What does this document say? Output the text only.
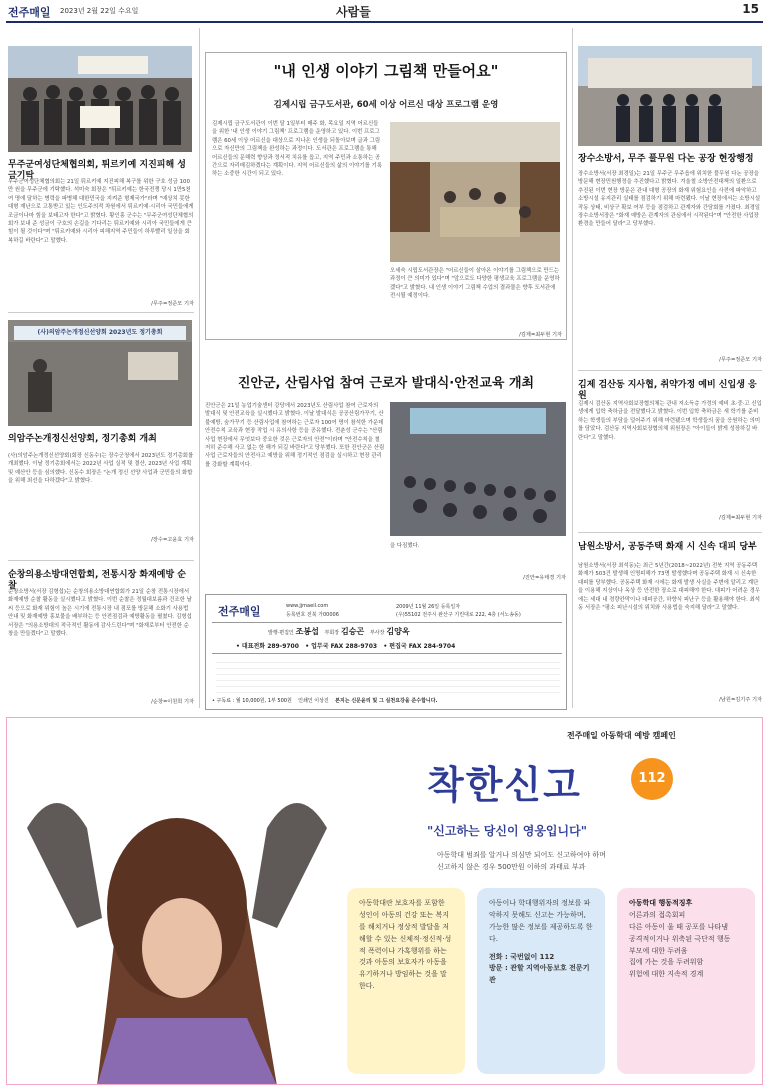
전주매일 2023년 2월 22일 수요일	사람들	15
무주군여성단체협의회, 튀르키예 지진피해 성금기탁
무주군여성단체협의회는 21일 튀르키예 지진피해 복구를 위한 구호 성금 100만 원을 무주군에 기탁했다. 석미숙 회장은 "튀르키예는 한국전쟁 당시 1만5천여 명에 달하는 병력을 파병해 대한민국을 지켜준 형제국가"라며 "예상치 못한 대형 재난으로 고통받고 있는 인도주의적 차원에서 튀르키예·시리아 국민들에게 조금이나마 힘을 보태고자 한다"고 밝혔다. 황인홍 군수는 "무주군여성단체협의회가 보내 준 성금이 구호의 손길을 기다리는 튀르키예와 시리아 국민들에게 큰 힘이 될 것이다"며 "튀르키예와 시리아 피해지역 주민들이 하루빨리 일상을 회복하길 바란다"고 말했다.
/무주=정준모 기자
(사)의암주논개정신선양회 2023년도 정기총회
의암주논개정신선양회, 정기총회 개최
(사)의암주논개정신선양회(회장 신동수)는 장수군청에서 2023년도 정기총회를 개최했다. 이날 정기총회에서는 2022년 사업 실적 및 결산, 2023년 사업 계획 및 예산안 등을 심의했다. 신동수 회장은 "논개 정신 선양 사업과 군민들의 화합을 위해 최선을 다하겠다"고 밝혔다.
/장수=고윤효 기자
순창의용소방대연합회, 전통시장 화재예방 순찰
순창소방서(서장 김형섭)는 순창의용소방대연합회가 21일 순창 전통시장에서 화재예방 순찰 활동을 실시했다고 밝혔다. 이번 순찰은 정월대보름과 건조한 날씨 등으로 화재 위험이 높은 시기에 전통시장 내 점포를 방문해 소화기 사용법 안내 및 화재예방 홍보물을 배부하는 등 안전점검과 예방활동을 펼쳤다. 김형섭 서장은 "의용소방대의 적극적인 활동에 감사드린다"며 "화재로부터 안전한 순창을 만들겠다"고 말했다.
/순창=이원희 기자
"내 인생 이야기 그림책 만들어요"
김제시립 금구도서관, 60세 이상 어르신 대상 프로그램 운영
김제시립 금구도서관이 이번 달 1일부터 매주 화, 목요일 지역 어르신들을 위한 '내 인생 이야기 그림책' 프로그램을 운영하고 있다. 이번 프로그램은 60세 이상 어르신을 대상으로 지나온 인생을 되돌아보며 글과 그림으로 자신만의 그림책을 완성하는 과정이다. 도서관은 프로그램을 통해 어르신들의 문해력 향상과 정서적 치유를 돕고, 지역 주민과 소통하는 공간으로 자리매김하겠다는 계획이다. 지역 어르신들의 삶의 이야기를 기록하는 소중한 시간이 되고 있다.
오세숙 시립도서관장은 "어르신들이 살아온 이야기를 그림책으로 만드는 과정이 큰 의미가 있다"며 "앞으로도 다양한 평생교육 프로그램을 운영하겠다"고 밝혔다. 내 인생 이야기 그림책 수업의 결과물은 향후 도서관에 전시될 예정이다.
/김제=최두현 기자
진안군, 산림사업 참여 근로자 발대식·안전교육 개최
진안군은 21일 농업기술센터 강당에서 2023년도 산림사업 참여 근로자의 발대식 및 안전교육을 실시했다고 밝혔다. 이날 발대식은 공공산림가꾸기, 산불예방, 숲가꾸기 등 산림사업에 참여하는 근로자 100여 명이 참석한 가운데 안전수칙 교육과 현장 작업 시 유의사항 등을 공유했다. 전춘성 군수는 "산림사업 현장에서 무엇보다 중요한 것은 근로자의 안전"이라며 "안전수칙을 철저히 준수해 사고 없는 한 해가 되길 바란다"고 당부했다. 또한 진안군은 산림사업 근로자들의 안전사고 예방을 위해 정기적인 점검을 실시하고 현장 관리를 강화할 계획이다.
을 다짐했다.
/진안=유태경 기자
전주매일	www.jjmaeil.com
등록번호 전북 가00006
2009년 11월 26일 등록일자
(우)55102 전주시 완산구 기린대로 222, 4층 (서노송동)
발행·편집인 조봉섭 부회장 김승곤 부사장 김양옥
• 대표전화 289-9700 • 업무국 FAX 288-9703 • 편집국 FAX 284-9704
• 구독료 : 월 10,000원, 1부 500원 인쇄인 이상진 본지는 신문윤리 및 그 실천요강을 준수합니다.
장수소방서, 무주 풀무원 다논 공장 현장행정
장수소방서(서장 최경일)는 21일 무주군 무주읍에 위치한 풀무원 다논 공장을 방문해 현장민원행정을 추진했다고 밝혔다. 겨울철 소방안전대책의 일환으로 추진된 이번 현장 방문은 관내 대형 공장의 화재 위험요인을 사전에 파악하고 소방시설 유지관리 실태를 점검하기 위해 마련됐다. 이날 현장에서는 소방시설 작동 상태, 비상구 확보 여부 등을 점검하고 관계자와 간담회를 가졌다. 최경일 장수소방서장은 "화재 예방은 관계자의 관심에서 시작된다"며 "안전한 사업장 환경을 만들어 달라"고 당부했다.
/무주=정준모 기자
김제 검산동 지사협, 취약가정 예비 신입생 응원
김제시 검산동 지역사회보장협의체는 관내 저소득층 가정의 예비 초·중·고 신입생에게 입학 축하금을 전달했다고 밝혔다. 이번 입학 축하금은 새 학기를 준비하는 학생들의 부담을 덜어주기 위해 마련됐으며 학생들의 꿈을 응원하는 의미를 담았다. 검산동 지역사회보장협의체 위원장은 "아이들이 밝게 성장하길 바란다"고 말했다.
/김제=최두현 기자
남원소방서, 공동주택 화재 시 신속 대피 당부
남원소방서(서장 최석동)는 최근 5년간(2018~2022년) 전북 지역 공동주택 화재가 503건 발생해 인명피해가 73명 발생했다며 공동주택 화재 시 신속한 대피를 당부했다. 공동주택 화재 시에는 화재 발생 사실을 주변에 알리고 계단을 이용해 지상이나 옥상 등 안전한 장소로 대피해야 한다. 대피가 어려운 경우에는 세대 내 경량칸막이나 대피공간, 하향식 피난구 등을 활용해야 한다. 최석동 서장은 "평소 피난시설의 위치와 사용법을 숙지해 달라"고 말했다.
/남원=김기주 기자
전주매일 아동학대 예방 캠페인
착한신고	112
"신고하는 당신이 영웅입니다"
아동학대 범죄를 알거나 의심만 되어도 신고하여야 하며
신고하지 않은 경우 500만원 이하의 과태료 부과
아동학대란 보호자를 포함한 성인이 아동의 건강 또는 복지를 해치거나 정상적 발달을 저해할 수 있는 신체적·정신적·성적 폭력이나 가혹행위를 하는 것과 아동의 보호자가 아동을 유기하거나 방임하는 것을 말한다.
아동이나 학대행위자의 정보를 파악하지 못해도 신고는 가능하며, 가능한 많은 정보를 제공하도록 한다.
전화 : 국번없이 112
방문 : 관할 지역아동보호 전문기관
아동학대 행동적징후
어른과의 접촉회피
다른 아동이 울 때 공포를 나타냄
공격적이거나 위축된 극단적 행동
부모에 대한 두려움
집에 가는 것을 두려워함
위험에 대한 지속적 경계
